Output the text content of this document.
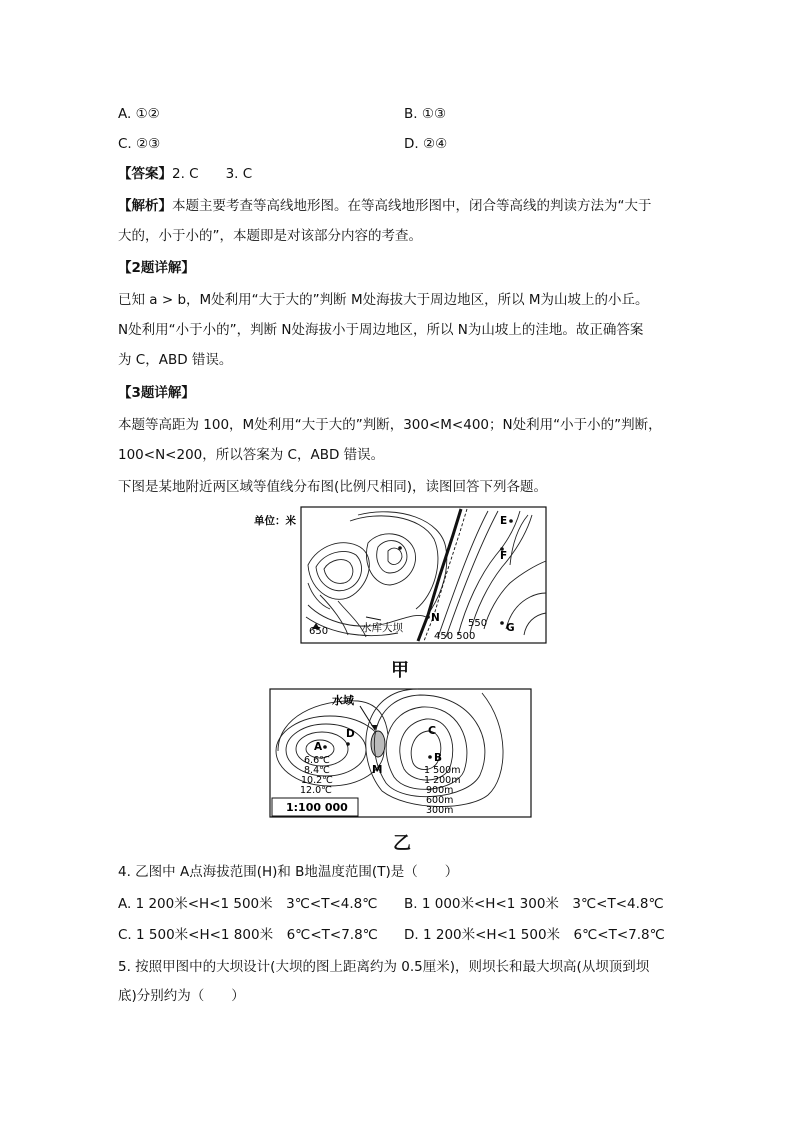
A. ①②	B. ①③
C. ②③	D. ②④
【答案】2. C　　3. C
【解析】本题主要考查等高线地形图。在等高线地形图中，闭合等高线的判读方法为“大于
大的，小于小的”，本题即是对该部分内容的考查。
【2题详解】
已知 a > b，M处利用“大于大的”判断 M处海拔大于周边地区，所以 M为山坡上的小丘。
N处利用“小于小的”，判断 N处海拔小于周边地区，所以 N为山坡上的洼地。故正确答案
为 C，ABD 错误。
【3题详解】
本题等高距为 100，M处利用“大于大的”判断，300<M<400；N处利用“小于小的”判断，
100<N<200，所以答案为 C，ABD 错误。
下图是某地附近两区域等值线分布图(比例尺相同)，读图回答下列各题。
单位：米
650	水库大坝
N
450 500
550
E
F
G
甲
水域
A
D
M
C
B
6.6℃
8.4℃
10.2℃
12.0℃
1 500m
1 200m
900m
600m
300m
1:100 000
乙
4. 乙图中 A点海拔范围(H)和 B地温度范围(T)是（　　）
A. 1 200米<H<1 500米　3℃<T<4.8℃ B. 1 000米<H<1 300米　3℃<T<4.8℃
C. 1 500米<H<1 800米　6℃<T<7.8℃ D. 1 200米<H<1 500米　6℃<T<7.8℃
5. 按照甲图中的大坝设计(大坝的图上距离约为 0.5厘米)，则坝长和最大坝高(从坝顶到坝
底)分别约为（　　）
